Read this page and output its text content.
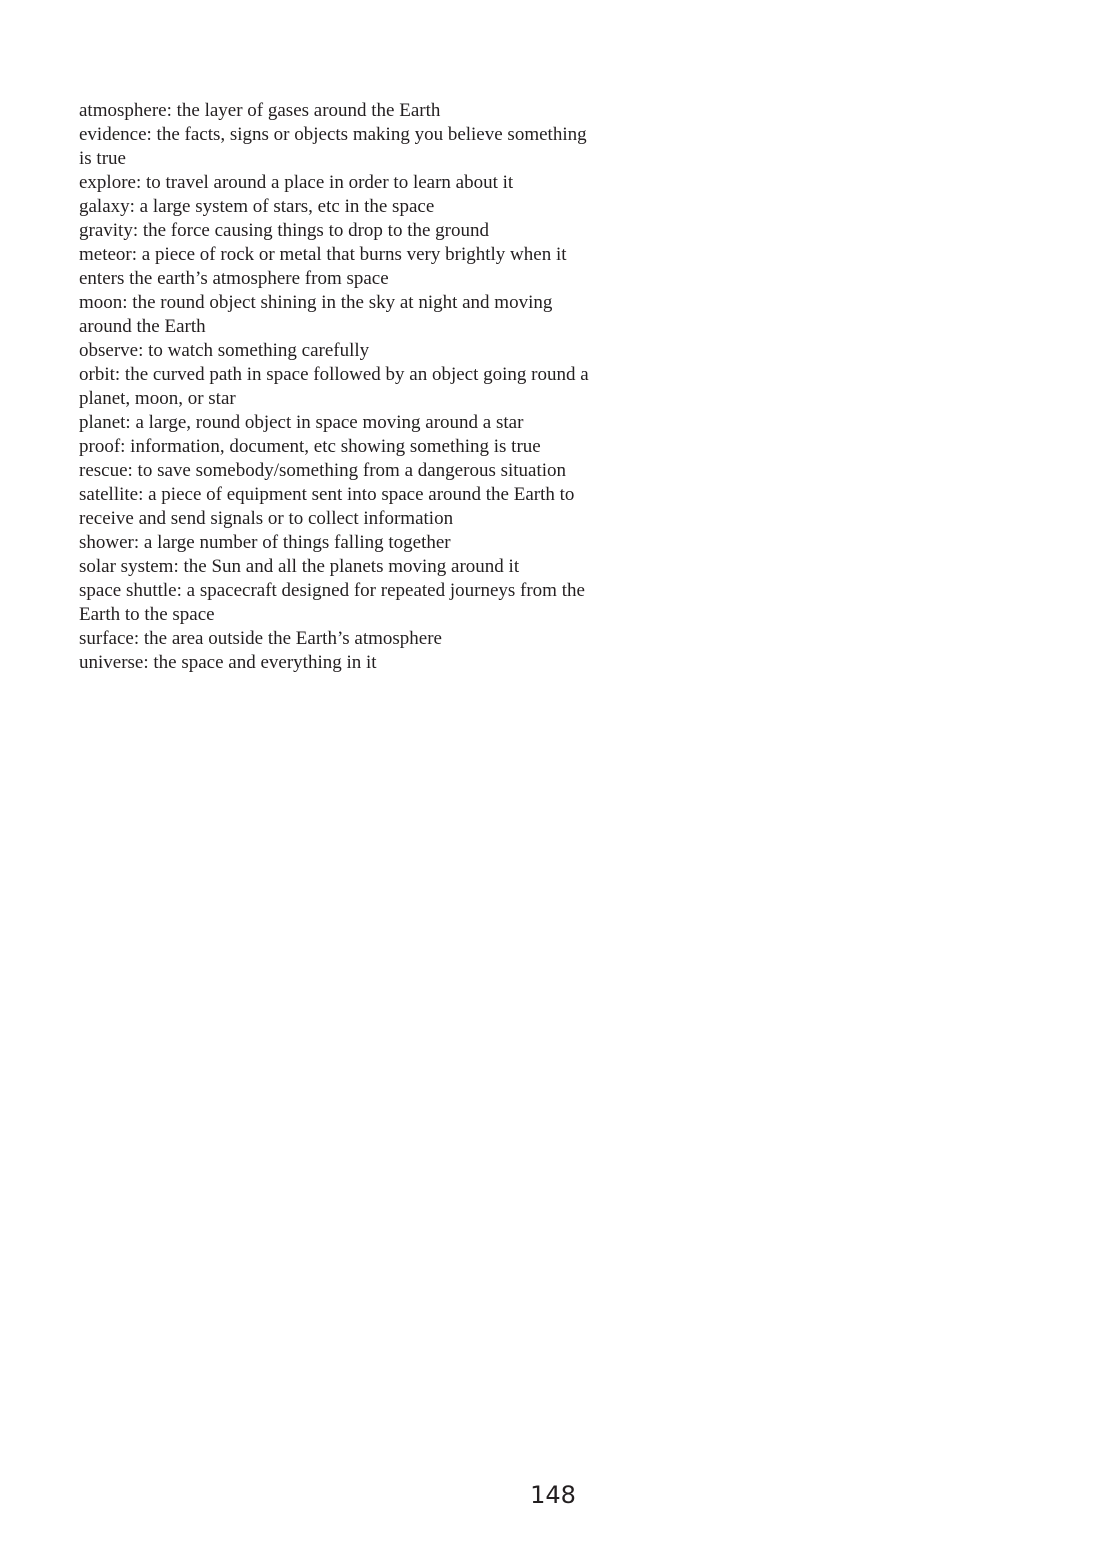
atmosphere: the layer of gases around the Earth
evidence: the facts, signs or objects making you believe something is true
explore: to travel around a place in order to learn about it
galaxy: a large system of stars, etc in the space
gravity: the force causing things to drop to the ground
meteor: a piece of rock or metal that burns very brightly when it enters the earth’s atmosphere from space
moon: the round object shining in the sky at night and moving around the Earth
observe: to watch something carefully
orbit: the curved path in space followed by an object going round a planet, moon, or star
planet: a large, round object in space moving around a star
proof: information, document, etc showing something is true
rescue: to save somebody/something from a dangerous situation
satellite: a piece of equipment sent into space around the Earth to receive and send signals or to collect information
shower: a large number of things falling together
solar system: the Sun and all the planets moving around it
space shuttle: a spacecraft designed for repeated journeys from the Earth to the space
surface: the area outside the Earth’s atmosphere
universe: the space and everything in it
148
